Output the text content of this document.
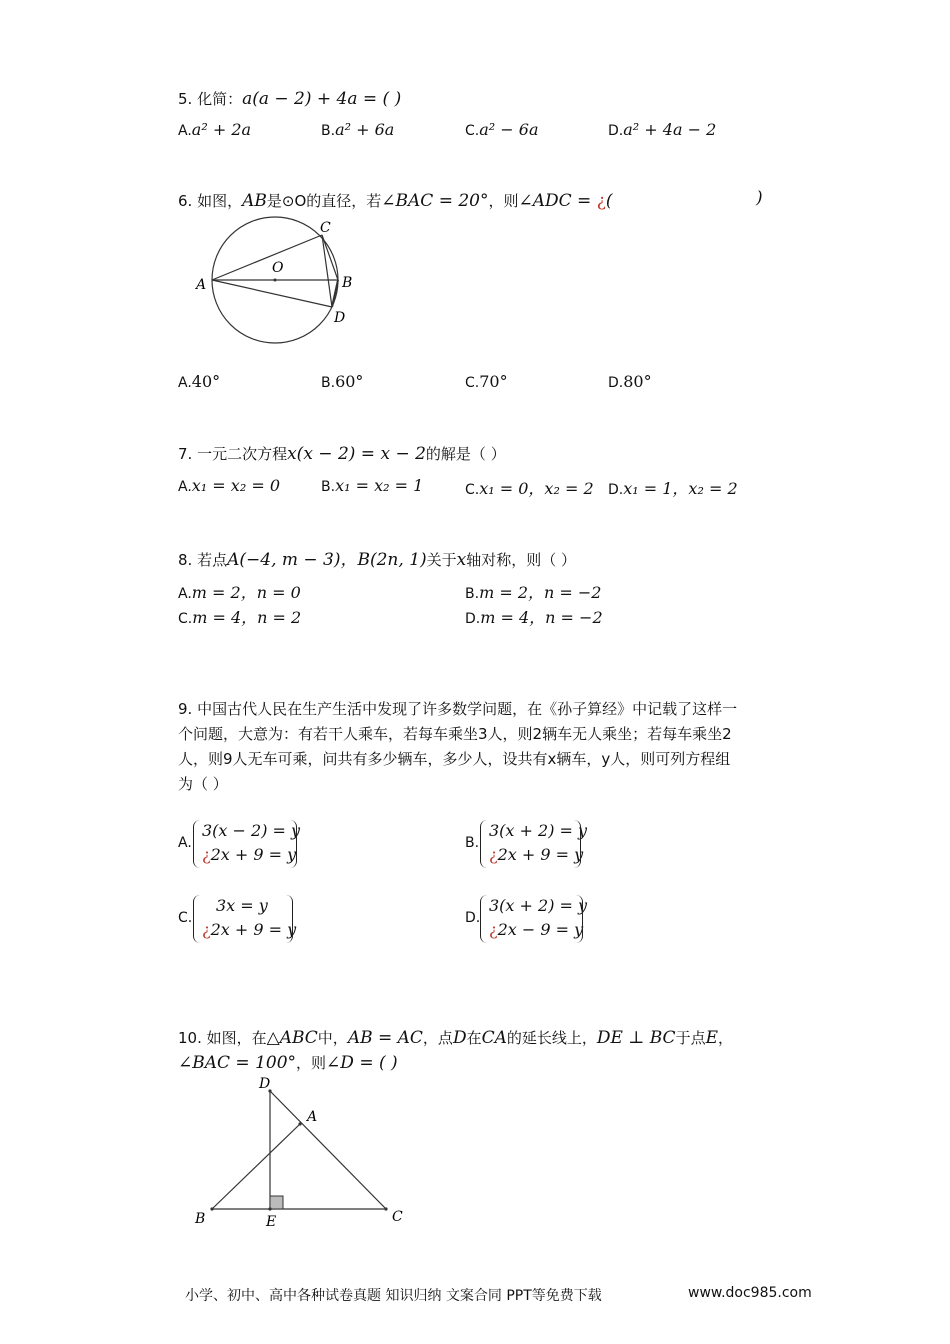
5. 化简：a(a − 2) + 4a = ( )
A.a² + 2a	B.a² + 6a	C.a² − 6a	D.a² + 4a − 2
6. 如图，AB是⊙O的直径，若∠BAC = 20°，则∠ADC = ¿(	)
A	B
C
D
O
A.40°	B.60°	C.70°	D.80°
7. 一元二次方程x(x − 2) = x − 2的解是（ ）
A.x₁ = x₂ = 0	B.x₁ = x₂ = 1	C.x₁ = 0，x₂ = 2 D.x₁ = 1，x₂ = 2
8. 若点A(−4, m − 3)，B(2n, 1)关于x轴对称，则（ ）
A.m = 2，n = 0	B.m = 2，n = −2
C.m = 4，n = 2	D.m = 4，n = −2
9. 中国古代人民在生产生活中发现了许多数学问题，在《孙子算经》中记载了这样一
个问题，大意为：有若干人乘车，若每车乘坐3人，则2辆车无人乘坐；若每车乘坐2
人，则9人无车可乘，问共有多少辆车，多少人，设共有x辆车，y人，则可列方程组
为（ ）
A.
3(x − 2) = y
¿2x + 9 = y
B.
3(x + 2) = y
¿2x + 9 = y
C.
3x = y
¿2x + 9 = y
D.
3(x + 2) = y
¿2x − 9 = y
10. 如图，在△ABC中，AB = AC，点D在CA的延长线上，DE ⊥ BC于点E，
∠BAC = 100°，则∠D = ( )
D
A
B	E	C
小学、初中、高中各种试卷真题 知识归纳 文案合同 PPT等免费下载	www.doc985.com
